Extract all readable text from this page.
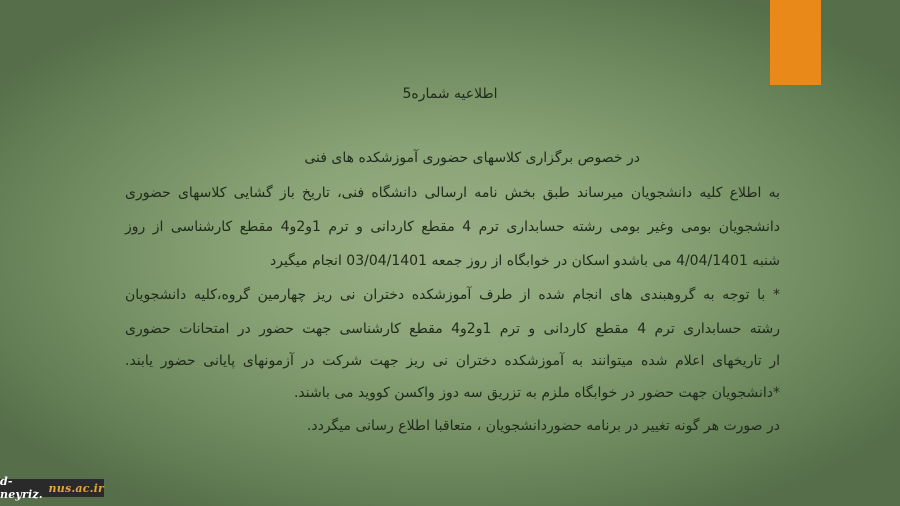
اطلاعیه شماره5
در خصوص برگزاری کلاسهای حضوری آموزشکده های فنی
به اطلاع کلیه دانشجویان میرساند طبق بخش نامه ارسالی دانشگاه فنی، تاریخ باز گشایی کلاسهای حضوری
دانشجویان بومی وغیر بومی رشته حسابداری ترم 4 مقطع کاردانی و ترم 1و2و4 مقطع کارشناسی از روز
شنبه 4/04/1401 می باشدو اسکان در خوابگاه از روز جمعه 03/04/1401 انجام میگیرد
* با توجه به گروهبندی های انجام شده از طرف آموزشکده دختران نی ریز چهارمین گروه،کلیه دانشجویان
رشته حسابداری ترم 4 مقطع کاردانی و ترم 1و2و4 مقطع کارشناسی جهت حضور در امتحانات حضوری
ار تاریخهای اعلام شده میتوانند به آموزشکده دختران نی ریز جهت شرکت در آزمونهای پایانی حضور یابند.
*دانشجویان جهت حضور در خوابگاه ملزم به تزریق سه دوز واکسن کووید می باشند.
در صورت هر گونه تغییر در برنامه حضوردانشجویان ، متعاقبا اطلاع رسانی میگردد.
d-neyriz. nus.ac.ir
